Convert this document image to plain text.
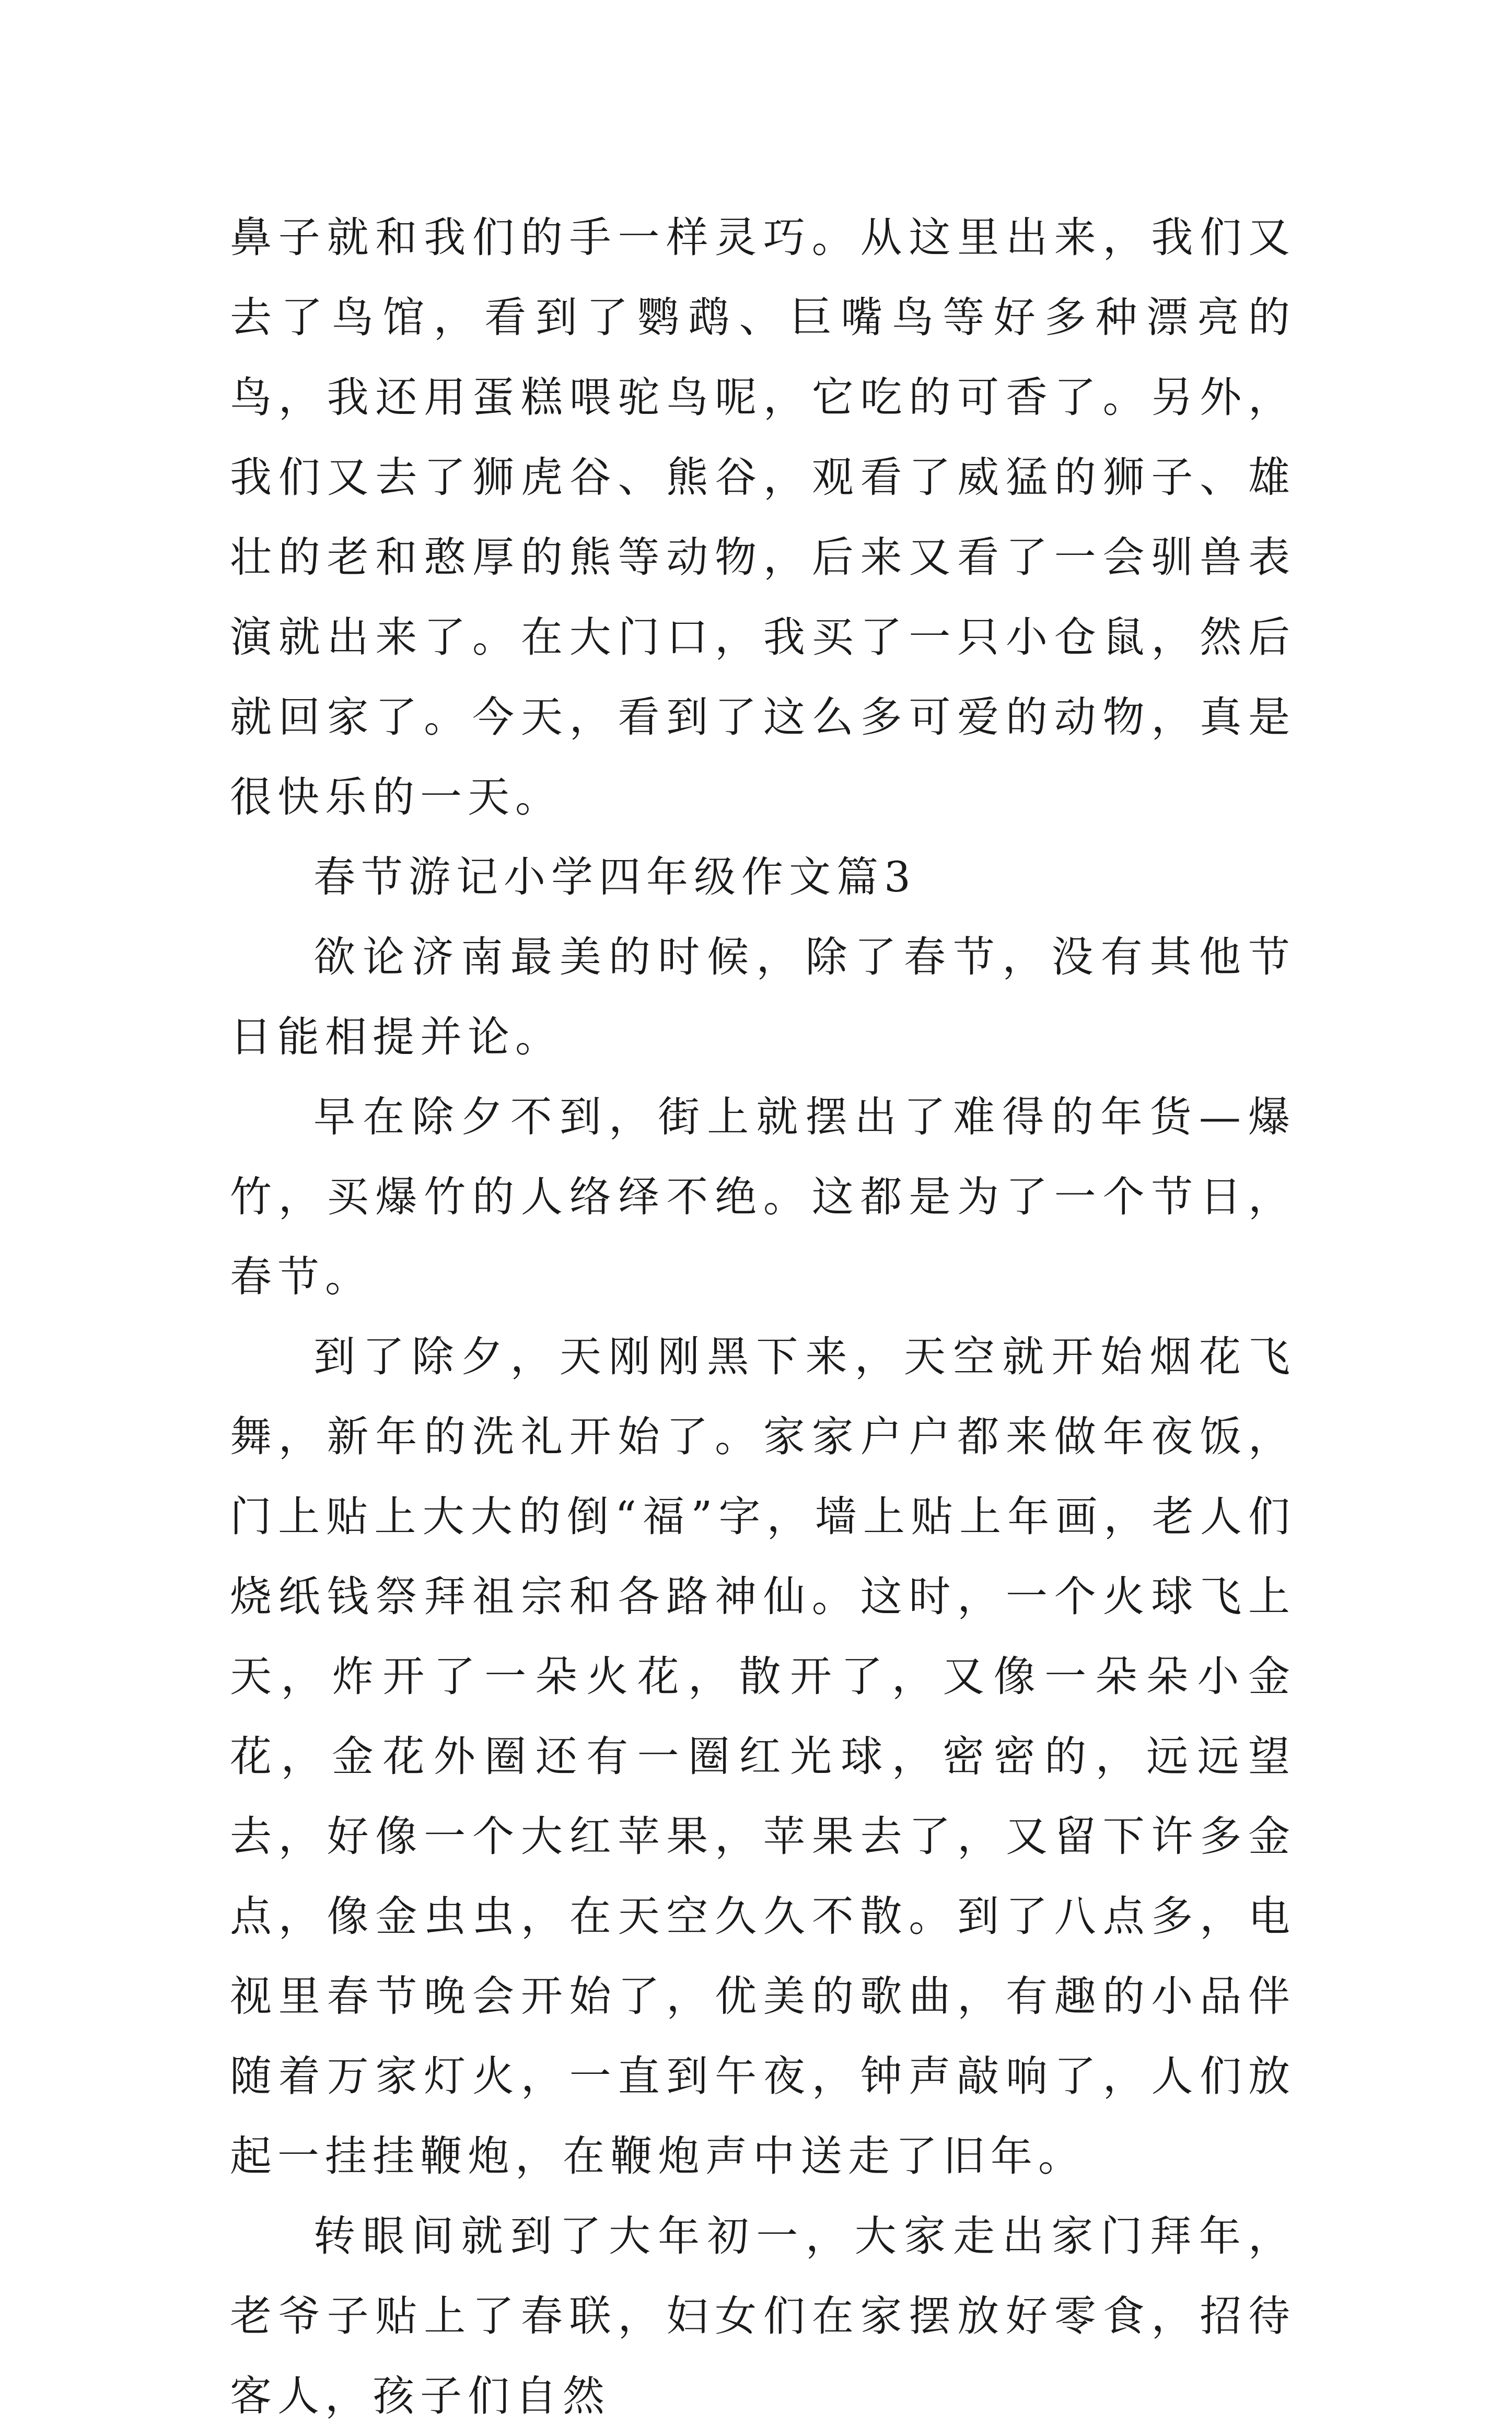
鼻子就和我们的手一样灵巧。从这里出来，我们又去了鸟馆，看到了鹦鹉、巨嘴鸟等好多种漂亮的鸟，我还用蛋糕喂驼鸟呢，它吃的可香了。另外，我们又去了狮虎谷、熊谷，观看了威猛的狮子、雄壮的老和憨厚的熊等动物，后来又看了一会驯兽表演就出来了。在大门口，我买了一只小仓鼠，然后就回家了。今天，看到了这么多可爱的动物，真是很快乐的一天。

春节游记小学四年级作文篇3

欲论济南最美的时候，除了春节，没有其他节日能相提并论。

早在除夕不到，街上就摆出了难得的年货—爆竹，买爆竹的人络绎不绝。这都是为了一个节日，春节。

到了除夕，天刚刚黑下来，天空就开始烟花飞舞，新年的洗礼开始了。家家户户都来做年夜饭，门上贴上大大的倒“福”字，墙上贴上年画，老人们烧纸钱祭拜祖宗和各路神仙。这时，一个火球飞上天，炸开了一朵火花，散开了，又像一朵朵小金花，金花外圈还有一圈红光球，密密的，远远望去，好像一个大红苹果，苹果去了，又留下许多金点，像金虫虫，在天空久久不散。到了八点多，电视里春节晚会开始了，优美的歌曲，有趣的小品伴随着万家灯火，一直到午夜，钟声敲响了，人们放起一挂挂鞭炮，在鞭炮声中送走了旧年。

转眼间就到了大年初一，大家走出家门拜年，老爷子贴上了春联，妇女们在家摆放好零食，招待客人，孩子们自然
